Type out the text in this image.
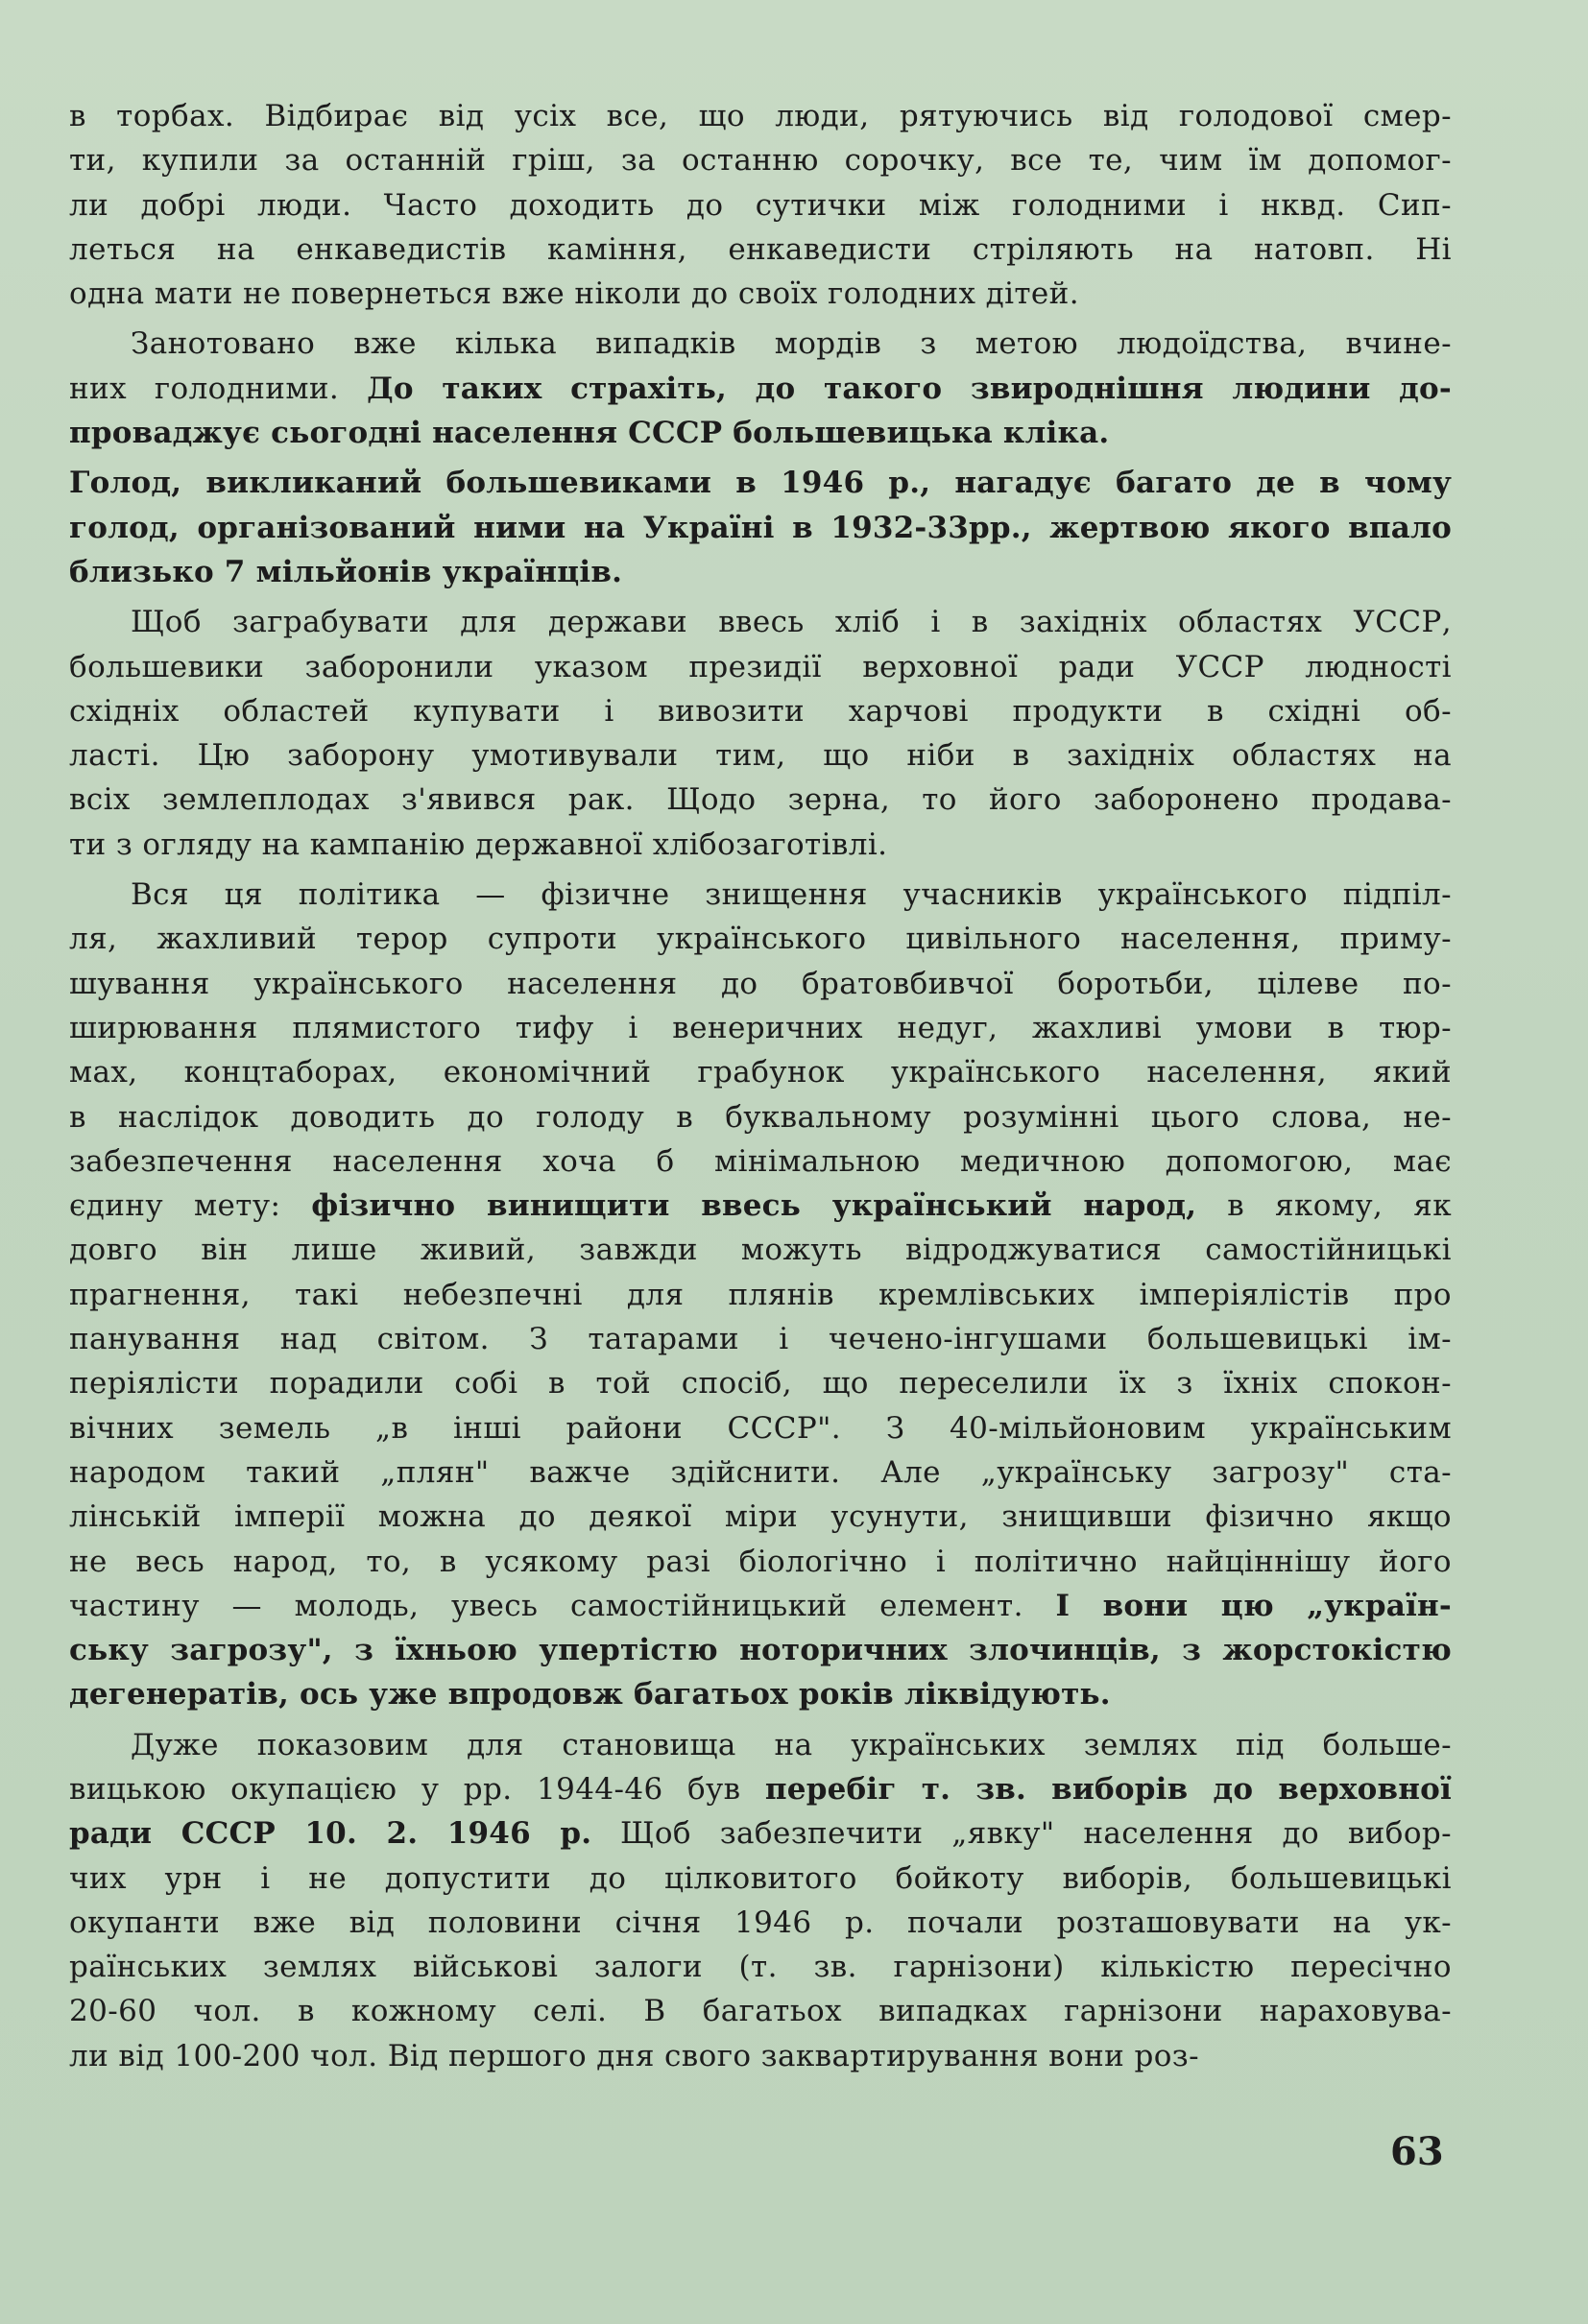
в торбах. Відбирає від усіх все, що люди, рятуючись від голодової смер-
ти, купили за останній гріш, за останню сорочку, все те, чим їм допомог-
ли добрі люди. Часто доходить до сутички між голодними і нквд. Сип-
леться на енкаведистів каміння, енкаведисти стріляють на натовп. Ні
одна мати не повернеться вже ніколи до своїх голодних дітей.
Занотовано вже кілька випадків мордів з метою людоїдства, вчине-
них голодними. До таких страхіть, до такого звироднішня людини до-
проваджує сьогодні населення СССР большевицька кліка.
Голод, викликаний большевиками в 1946 р., нагадує багато де в чому
голод, організований ними на Україні в 1932-33рр., жертвою якого впало
близько 7 мільйонів українців.
Щоб заграбувати для держави ввесь хліб і в західніх областях УССР,
большевики заборонили указом президії верховної ради УССР людності
східніх областей купувати і вивозити харчові продукти в східні об-
ласті. Цю заборону умотивували тим, що ніби в західніх областях на
всіх землеплодах з'явився рак. Щодо зерна, то його заборонено продава-
ти з огляду на кампанію державної хлібозаготівлі.
Вся ця політика — фізичне знищення учасників українського підпіл-
ля, жахливий терор супроти українського цивільного населення, приму-
шування українського населення до братовбивчої боротьби, цілеве по-
ширювання плямистого тифу і венеричних недуг, жахливі умови в тюр-
мах, концтаборах, економічний грабунок українського населення, який
в наслідок доводить до голоду в буквальному розумінні цього слова, не-
забезпечення населення хоча б мінімальною медичною допомогою, має
єдину мету: фізично винищити ввесь український народ, в якому, як
довго він лише живий, завжди можуть відроджуватися самостійницькі
прагнення, такі небезпечні для плянів кремлівських імперіялістів про
панування над світом. З татарами і чечено-інгушами большевицькі ім-
періялісти порадили собі в той спосіб, що переселили їх з їхніх спокон-
вічних земель „в інші райони СССР". З 40-мільйоновим українським
народом такий „плян" важче здійснити. Але „українську загрозу" ста-
лінській імперії можна до деякої міри усунути, знищивши фізично якщо
не весь народ, то, в усякому разі біологічно і політично найціннішу його
частину — молодь, увесь самостійницький елемент. І вони цю „україн-
ську загрозу", з їхньою упертістю ноторичних злочинців, з жорстокістю
дегенератів, ось уже впродовж багатьох років ліквідують.
Дуже показовим для становища на українських землях під больше-
вицькою окупацією у рр. 1944-46 був перебіг т. зв. виборів до верховної
ради СССР 10. 2. 1946 р. Щоб забезпечити „явку" населення до вибор-
чих урн і не допустити до цілковитого бойкоту виборів, большевицькі
окупанти вже від половини січня 1946 р. почали розташовувати на ук-
раїнських землях військові залоги (т. зв. гарнізони) кількістю пересічно
20-60 чол. в кожному селі. В багатьох випадках гарнізони нараховува-
ли від 100-200 чол. Від першого дня свого заквартирування вони роз-
63
